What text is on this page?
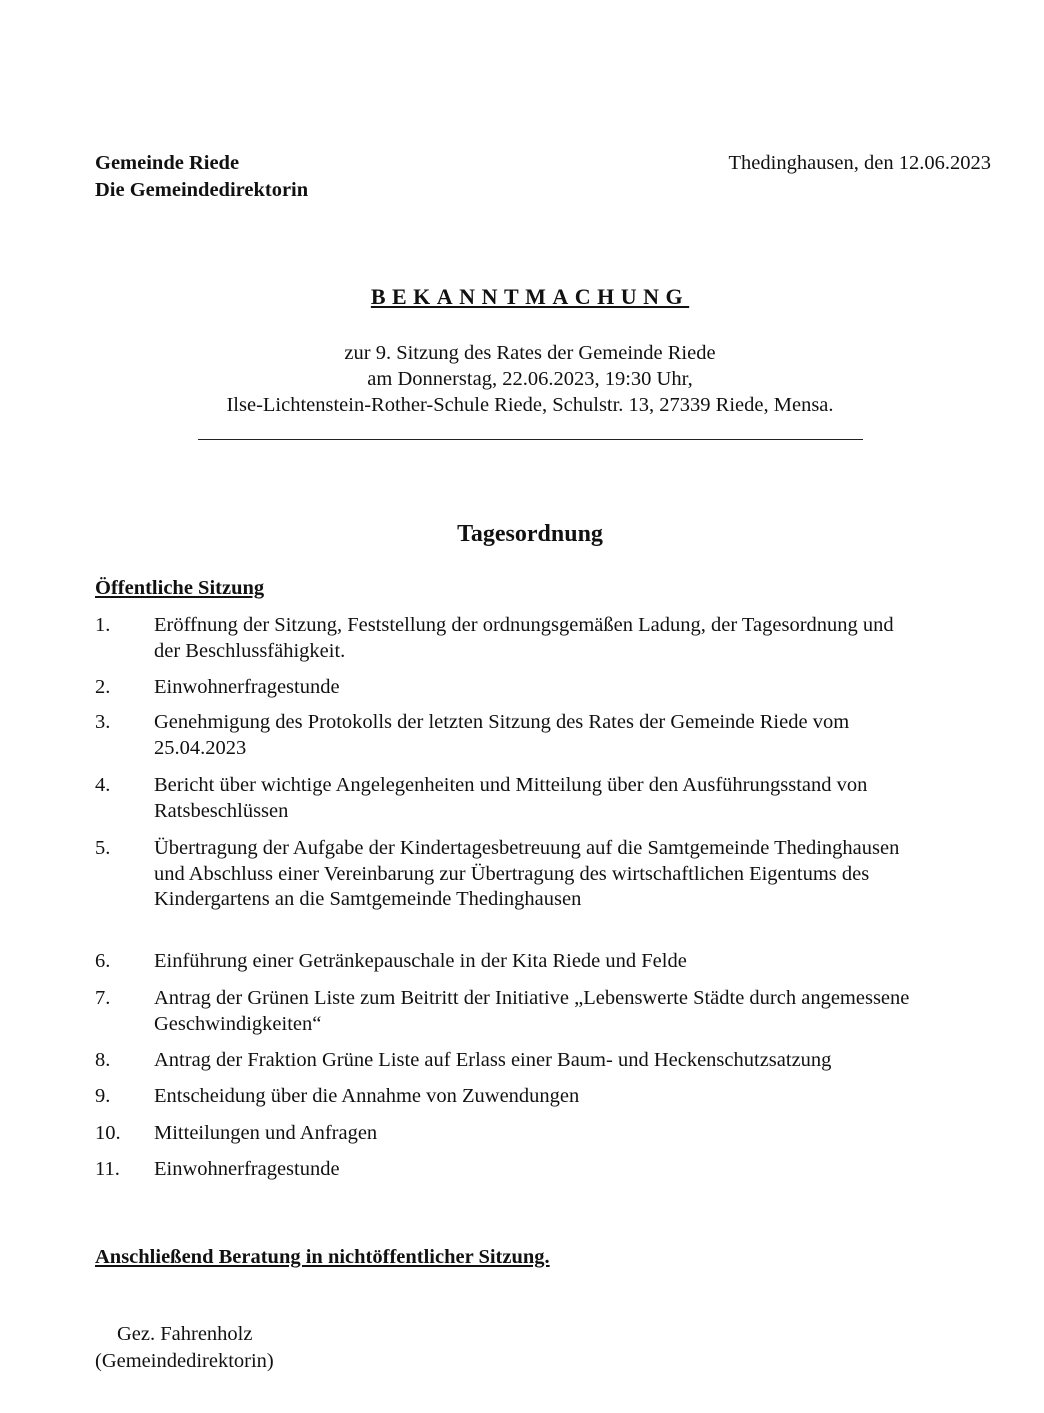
Gemeinde Riede
Die Gemeindedirektorin
Thedinghausen, den 12.06.2023
BEKANNTMACHUNG
zur 9. Sitzung des Rates der Gemeinde Riede
am Donnerstag, 22.06.2023, 19:30 Uhr,
Ilse-Lichtenstein-Rother-Schule Riede, Schulstr. 13, 27339 Riede, Mensa.
Tagesordnung
Öffentliche Sitzung
1. Eröffnung der Sitzung, Feststellung der ordnungsgemäßen Ladung, der Tagesordnung und
der Beschlussfähigkeit.
2. Einwohnerfragestunde
3. Genehmigung des Protokolls der letzten Sitzung des Rates der Gemeinde Riede vom
25.04.2023
4. Bericht über wichtige Angelegenheiten und Mitteilung über den Ausführungsstand von
Ratsbeschlüssen
5. Übertragung der Aufgabe der Kindertagesbetreuung auf die Samtgemeinde Thedinghausen
und Abschluss einer Vereinbarung zur Übertragung des wirtschaftlichen Eigentums des
Kindergartens an die Samtgemeinde Thedinghausen
6. Einführung einer Getränkepauschale in der Kita Riede und Felde
7. Antrag der Grünen Liste zum Beitritt der Initiative „Lebenswerte Städte durch angemessene
Geschwindigkeiten“
8. Antrag der Fraktion Grüne Liste auf Erlass einer Baum- und Heckenschutzsatzung
9. Entscheidung über die Annahme von Zuwendungen
10. Mitteilungen und Anfragen
11. Einwohnerfragestunde
Anschließend Beratung in nichtöffentlicher Sitzung.
Gez. Fahrenholz
(Gemeindedirektorin)
